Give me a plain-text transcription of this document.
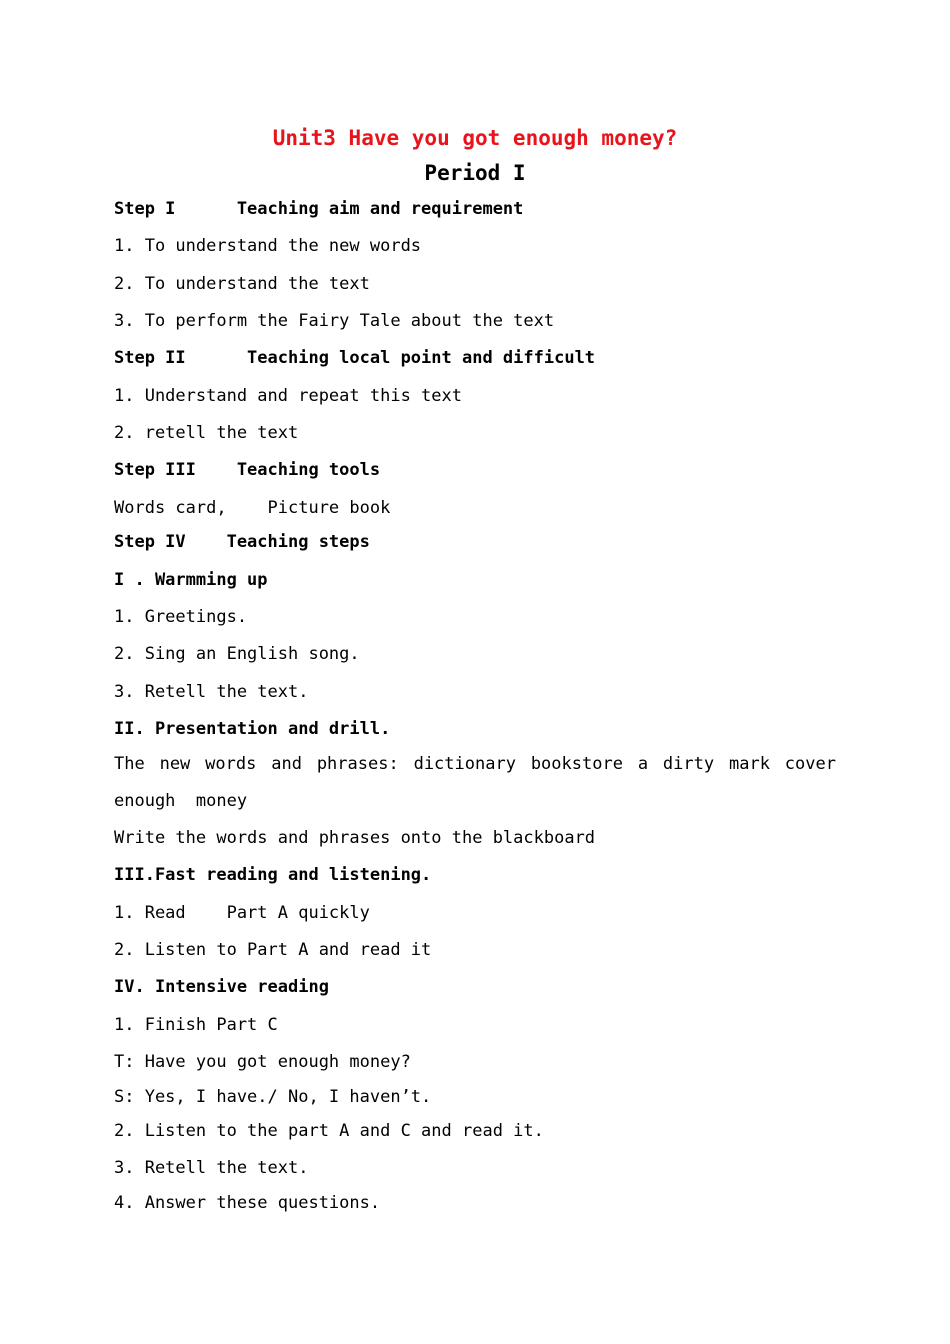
Unit3 Have you got enough money?
Period I
Step I      Teaching aim and requirement
1. To understand the new words
2. To understand the text
3. To perform the Fairy Tale about the text
Step II      Teaching local point and difficult
1. Understand and repeat this text
2. retell the text
Step III    Teaching tools
Words card,    Picture book
Step IV    Teaching steps
I . Warmming up
1. Greetings.
2. Sing an English song.
3. Retell the text.
II. Presentation and drill.
The new words and phrases: dictionary bookstore a dirty mark cover
enough  money
Write the words and phrases onto the blackboard
III.Fast reading and listening.
1. Read    Part A quickly
2. Listen to Part A and read it
IV. Intensive reading
1. Finish Part C
T: Have you got enough money?
S: Yes, I have./ No, I haven’t.
2. Listen to the part A and C and read it.
3. Retell the text.
4. Answer these questions.
